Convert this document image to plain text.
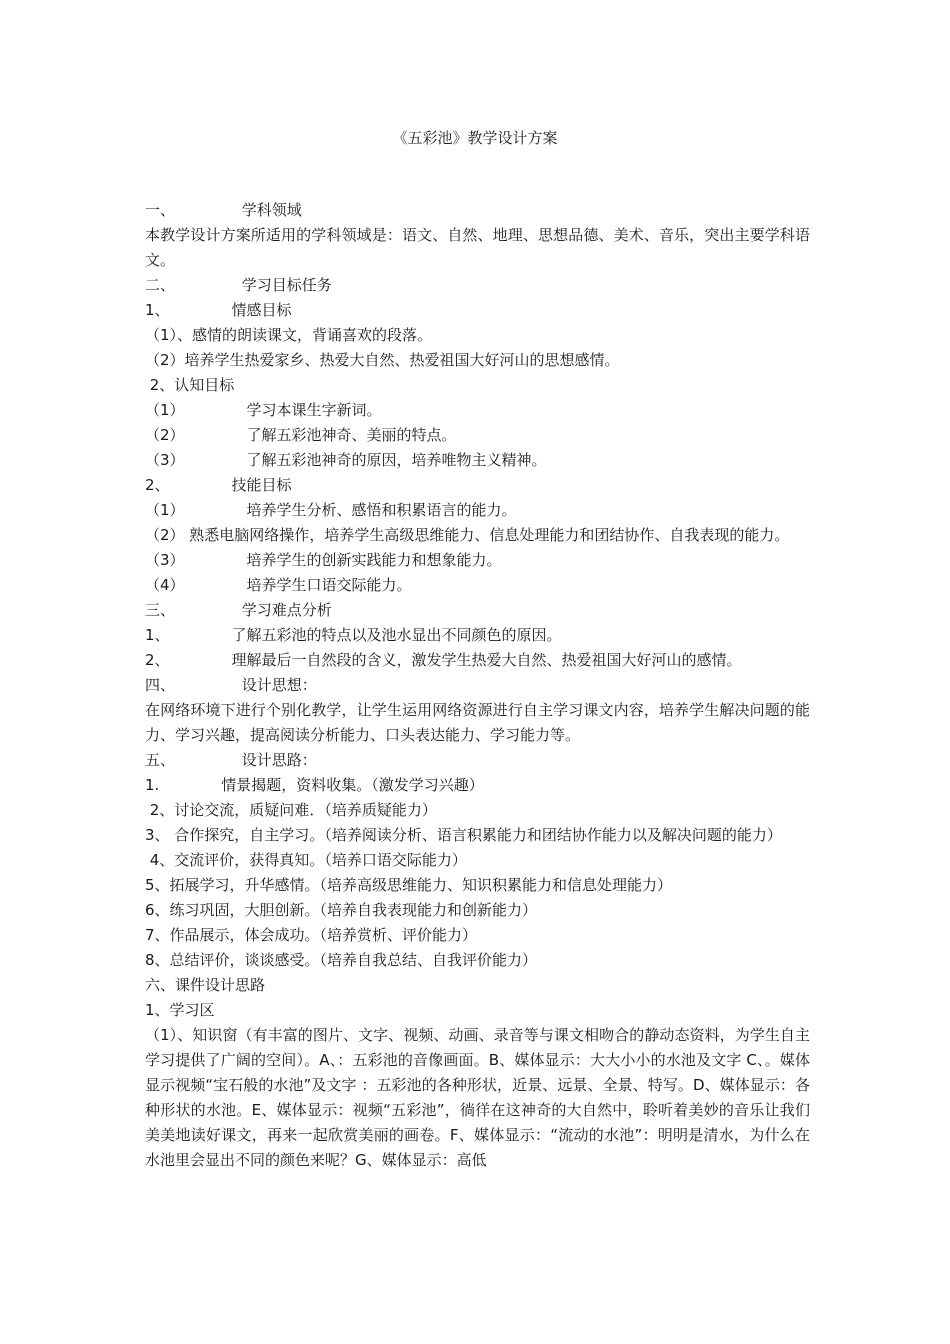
《五彩池》教学设计方案
一、              学科领域
本教学设计方案所适用的学科领域是：语文、自然、地理、思想品德、美术、音乐，突出主要学科语文。
二、              学习目标任务
1、             情感目标
（1）、感情的朗读课文，背诵喜欢的段落。
（2）培养学生热爱家乡、热爱大自然、热爱祖国大好河山的思想感情。
2、认知目标
（1）             学习本课生字新词。
（2）             了解五彩池神奇、美丽的特点。
（3）             了解五彩池神奇的原因，培养唯物主义精神。
2、             技能目标
（1）             培养学生分析、感悟和积累语言的能力。
（2） 熟悉电脑网络操作，培养学生高级思维能力、信息处理能力和团结协作、自我表现的能力。
（3）             培养学生的创新实践能力和想象能力。
（4）             培养学生口语交际能力。
三、              学习难点分析
1、             了解五彩池的特点以及池水显出不同颜色的原因。
2、             理解最后一自然段的含义，激发学生热爱大自然、热爱祖国大好河山的感情。
四、              设计思想：
在网络环境下进行个别化教学，让学生运用网络资源进行自主学习课文内容，培养学生解决问题的能力、学习兴趣，提高阅读分析能力、口头表达能力、学习能力等。
五、              设计思路：
1.             情景揭题，资料收集。（激发学习兴趣）
2、讨论交流，质疑问难．（培养质疑能力）
3、 合作探究，自主学习。（培养阅读分析、语言积累能力和团结协作能力以及解决问题的能力）
4、交流评价，获得真知。（培养口语交际能力）
5、拓展学习，升华感情。（培养高级思维能力、知识积累能力和信息处理能力）
6、练习巩固，大胆创新。（培养自我表现能力和创新能力）
7、作品展示，体会成功。（培养赏析、评价能力）
8、总结评价，谈谈感受。（培养自我总结、自我评价能力）
六、课件设计思路
1、学习区
（1）、知识窗（有丰富的图片、文字、视频、动画、录音等与课文相吻合的静动态资料，为学生自主学习提供了广阔的空间）。A、：五彩池的音像画面。B、媒体显示：大大小小的水池及文字 C、。媒体显示视频“宝石般的水池”及文字 ：五彩池的各种形状，近景、远景、全景、特写。D、媒体显示：各种形状的水池。E、媒体显示：视频“五彩池”，徜徉在这神奇的大自然中，聆听着美妙的音乐让我们美美地读好课文，再来一起欣赏美丽的画卷。F、媒体显示：“流动的水池”：明明是清水，为什么在水池里会显出不同的颜色来呢？G、媒体显示：高低
